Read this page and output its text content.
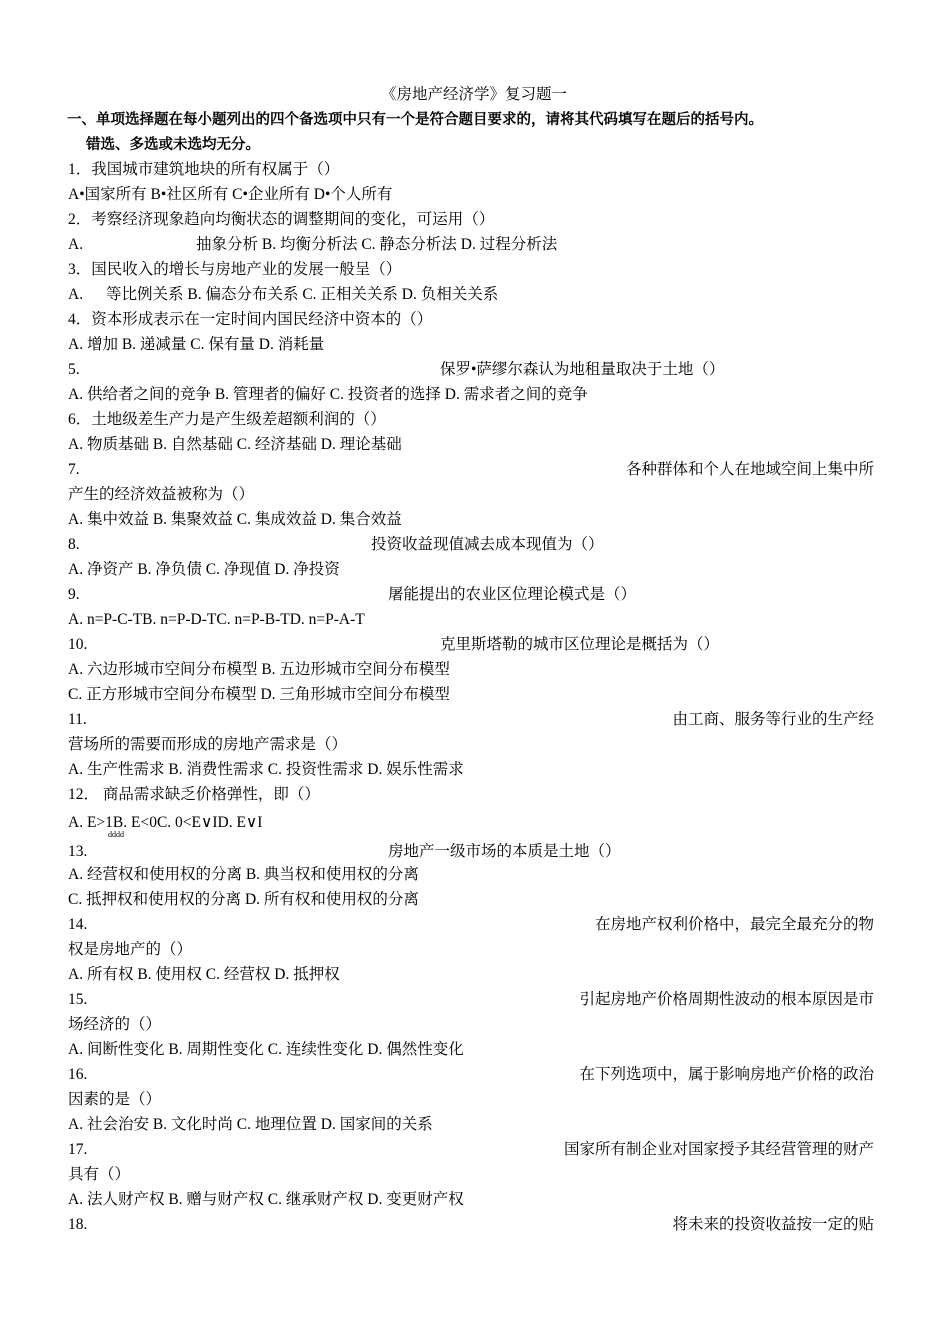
《房地产经济学》复习题一
一、单项选择题在每小题列出的四个备选项中只有一个是符合题目要求的，请将其代码填写在题后的括号内。
错选、多选或未选均无分。
1．我国城市建筑地块的所有权属于（）
A•国家所有 B•社区所有 C•企业所有 D•个人所有
2．考察经济现象趋向均衡状态的调整期间的变化，可运用（）
A.	抽象分析 B. 均衡分析法 C. 静态分析法 D. 过程分析法
3．国民收入的增长与房地产业的发展一般呈（）
A. 等比例关系 B. 偏态分布关系 C. 正相关关系 D. 负相关关系
4．资本形成表示在一定时间内国民经济中资本的（）
A. 增加 B. 递减量 C. 保有量 D. 消耗量
5.	保罗•萨缪尔森认为地租量取决于土地（）
A. 供给者之间的竞争 B. 管理者的偏好 C. 投资者的选择 D. 需求者之间的竞争
6．土地级差生产力是产生级差超额利润的（）
A. 物质基础 B. 自然基础 C. 经济基础 D. 理论基础
7.	各种群体和个人在地域空间上集中所
产生的经济效益被称为（）
A. 集中效益 B. 集聚效益 C. 集成效益 D. 集合效益
8.	投资收益现值减去成本现值为（）
A. 净资产 B. 净负债 C. 净现值 D. 净投资
9.	屠能提出的农业区位理论模式是（）
A. n=P-C-TB. n=P-D-TC. n=P-B-TD. n=P-A-T
10.	克里斯塔勒的城市区位理论是概括为（）
A. 六边形城市空间分布模型 B. 五边形城市空间分布模型
C. 正方形城市空间分布模型 D. 三角形城市空间分布模型
11.	由工商、服务等行业的生产经
营场所的需要而形成的房地产需求是（）
A. 生产性需求 B. 消费性需求 C. 投资性需求 D. 娱乐性需求
12． 商品需求缺乏价格弹性，即（）
A. E>1B. E<0C. 0<E∨ID. E∨I
dddd
13.	房地产一级市场的本质是土地（）
A. 经营权和使用权的分离 B. 典当权和使用权的分离
C. 抵押权和使用权的分离 D. 所有权和使用权的分离
14.	在房地产权利价格中，最完全最充分的物
权是房地产的（）
A. 所有权 B. 使用权 C. 经营权 D. 抵押权
15.	引起房地产价格周期性波动的根本原因是市
场经济的（）
A. 间断性变化 B. 周期性变化 C. 连续性变化 D. 偶然性变化
16.	在下列选项中，属于影响房地产价格的政治
因素的是（）
A. 社会治安 B. 文化时尚 C. 地理位置 D. 国家间的关系
17.	国家所有制企业对国家授予其经营管理的财产
具有（）
A. 法人财产权 B. 赠与财产权 C. 继承财产权 D. 变更财产权
18.	将未来的投资收益按一定的贴
